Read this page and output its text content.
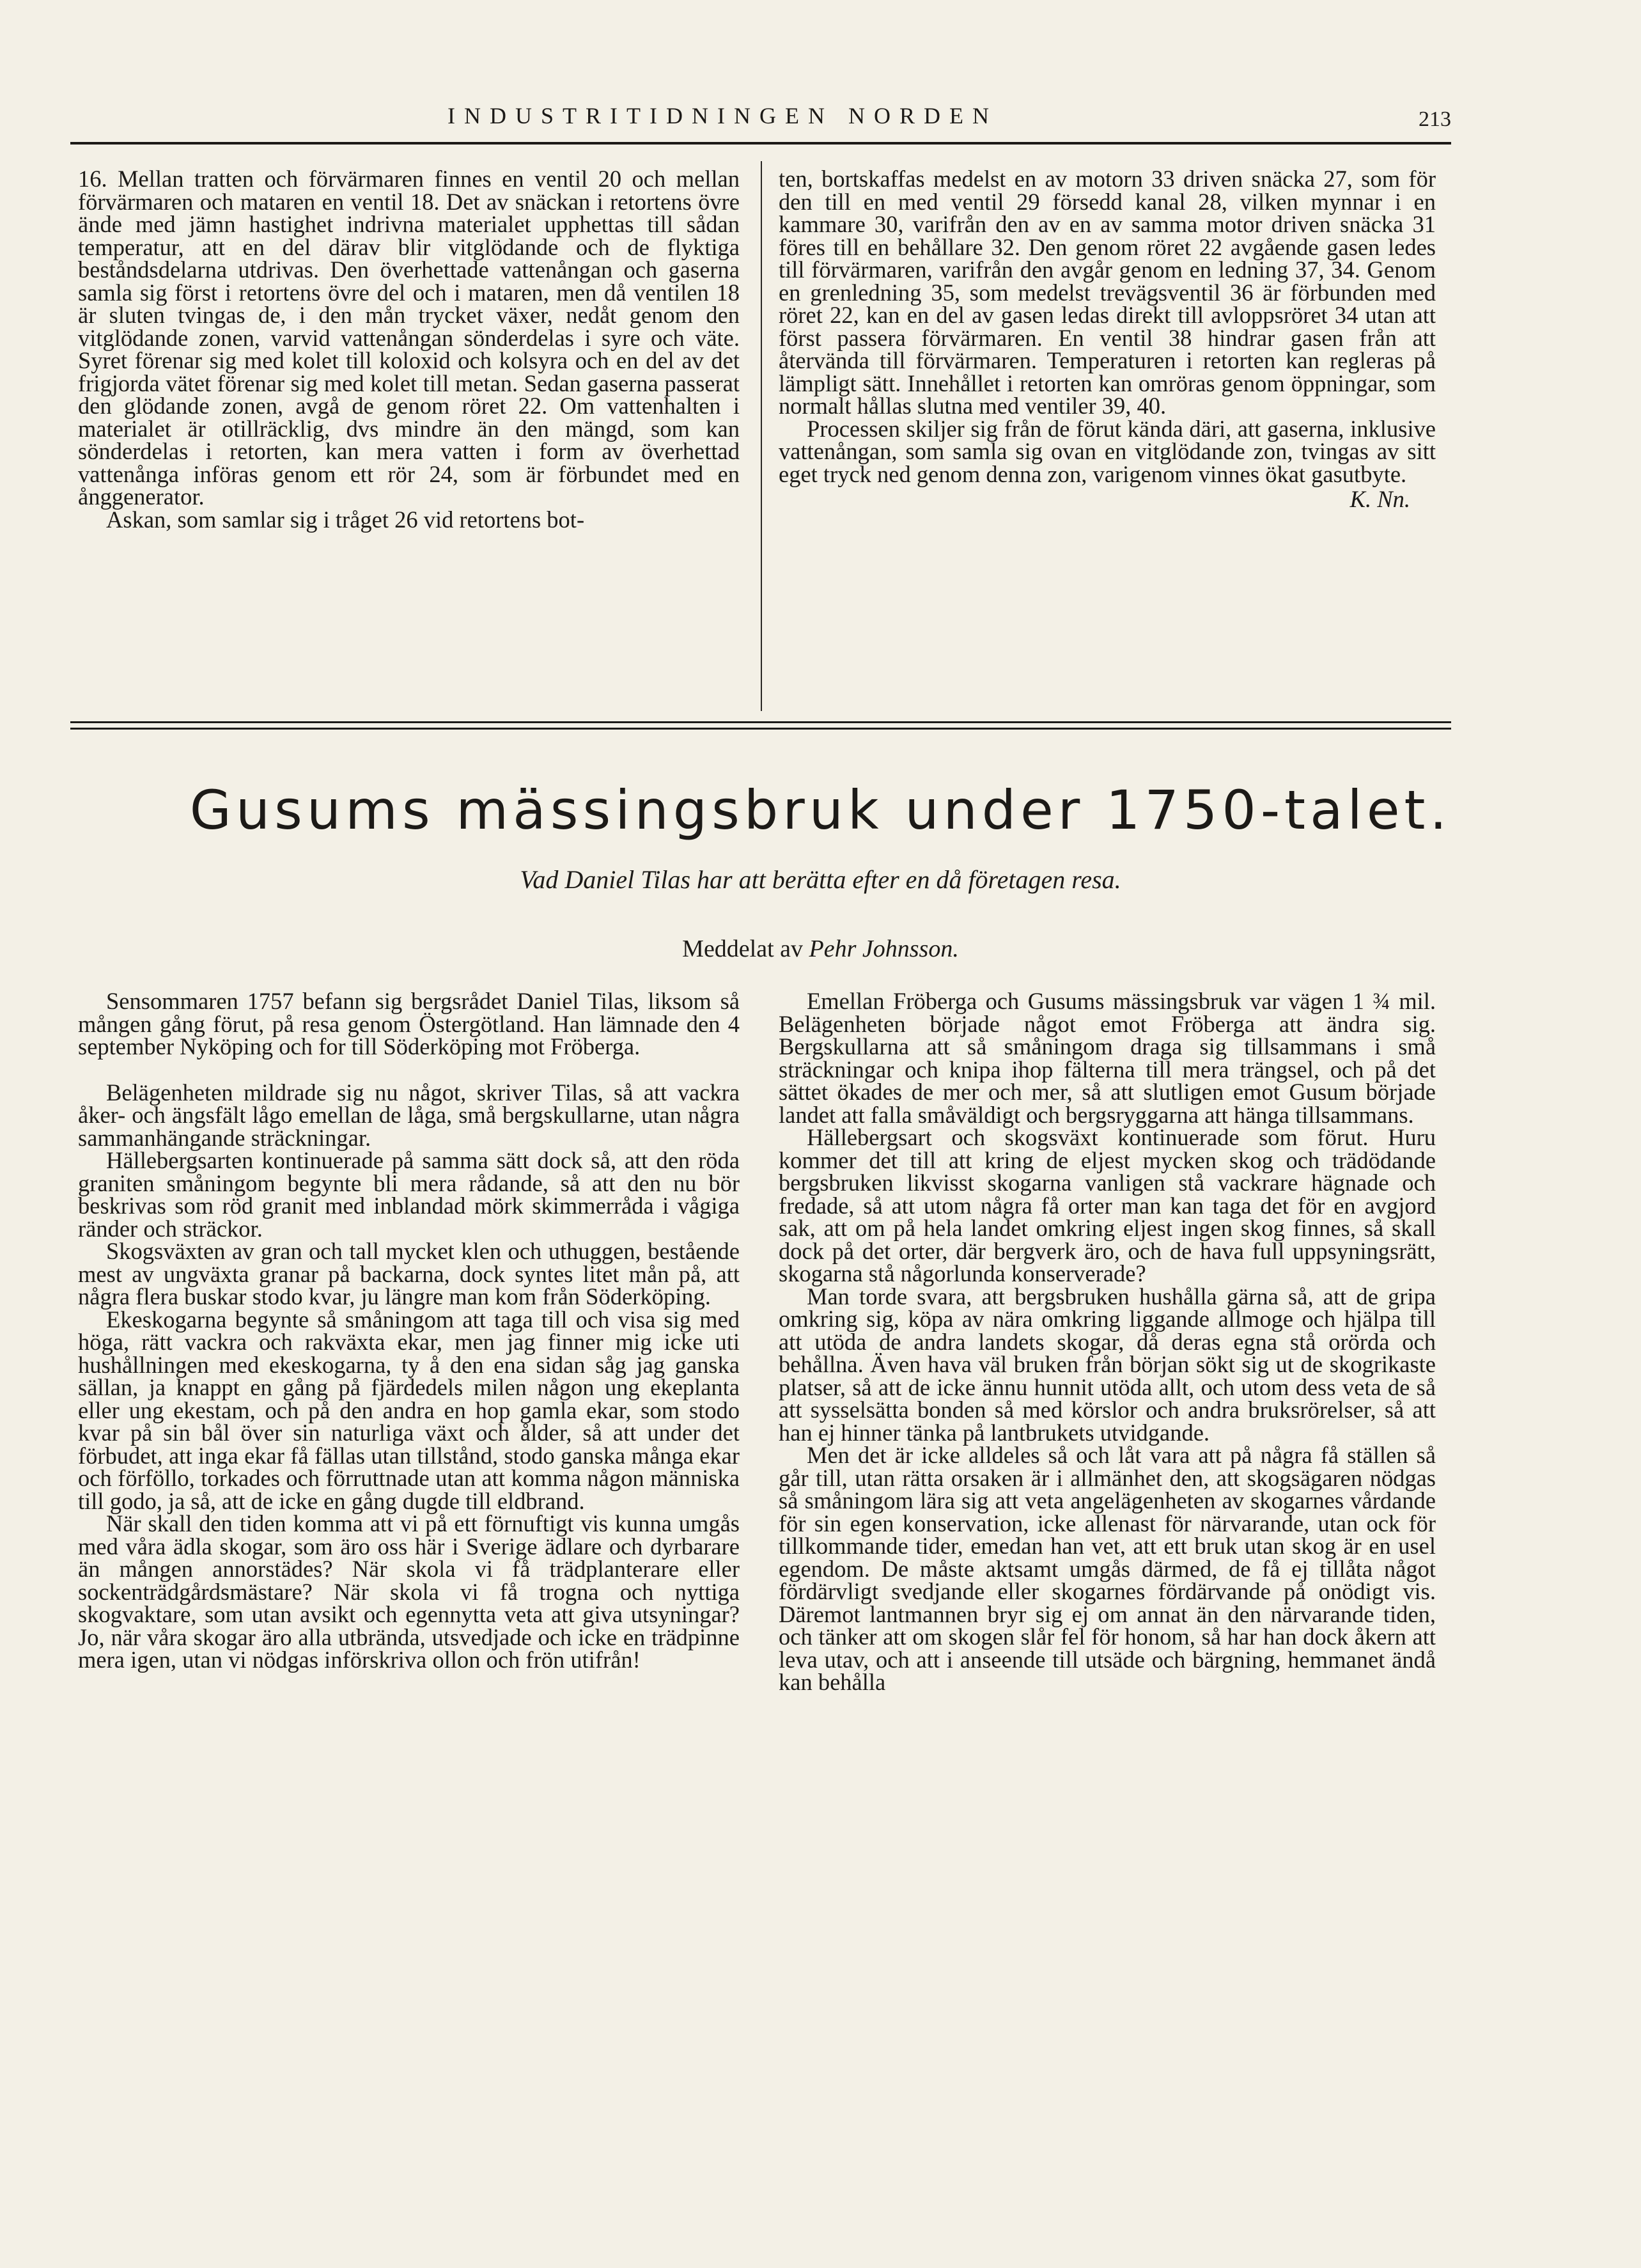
INDUSTRITIDNINGEN NORDEN	213

16. Mellan tratten och förvärmaren finnes en ventil 20 och mellan förvärmaren och mataren en ventil 18. Det av snäckan i retortens övre ände med jämn hastighet indrivna materialet upphettas till sådan temperatur, att en del därav blir vitglödande och de flyktiga beståndsdelarna utdrivas. Den överhettade vattenångan och gaserna samla sig först i retortens övre del och i mataren, men då ventilen 18 är sluten tvingas de, i den mån trycket växer, nedåt genom den vitglödande zonen, varvid vattenångan sönderdelas i syre och väte. Syret förenar sig med kolet till koloxid och kolsyra och en del av det frigjorda vätet förenar sig med kolet till metan. Sedan gaserna passerat den glödande zonen, avgå de genom röret 22. Om vattenhalten i materialet är otillräcklig, dvs mindre än den mängd, som kan sönderdelas i retorten, kan mera vatten i form av överhettad vattenånga införas genom ett rör 24, som är förbundet med en ånggenerator.

Askan, som samlar sig i tråget 26 vid retortens bot-

ten, bortskaffas medelst en av motorn 33 driven snäcka 27, som för den till en med ventil 29 försedd kanal 28, vilken mynnar i en kammare 30, varifrån den av en av samma motor driven snäcka 31 föres till en behållare 32. Den genom röret 22 avgående gasen ledes till förvärmaren, varifrån den avgår genom en ledning 37, 34. Genom en grenledning 35, som medelst trevägsventil 36 är förbunden med röret 22, kan en del av gasen ledas direkt till avloppsröret 34 utan att först passera förvärmaren. En ventil 38 hindrar gasen från att återvända till förvärmaren. Temperaturen i retorten kan regleras på lämpligt sätt. Innehållet i retorten kan omröras genom öppningar, som normalt hållas slutna med ventiler 39, 40.

Processen skiljer sig från de förut kända däri, att gaserna, inklusive vattenångan, som samla sig ovan en vitglödande zon, tvingas av sitt eget tryck ned genom denna zon, varigenom vinnes ökat gasutbyte.

K. Nn.

Gusums mässingsbruk under 1750-talet.
Vad Daniel Tilas har att berätta efter en då företagen resa.
Meddelat av Pehr Johnsson.

Sensommaren 1757 befann sig bergsrådet Daniel Tilas, liksom så mången gång förut, på resa genom Östergötland. Han lämnade den 4 september Nyköping och for till Söderköping mot Fröberga.

Belägenheten mildrade sig nu något, skriver Tilas, så att vackra åker- och ängsfält lågo emellan de låga, små bergskullarne, utan några sammanhängande sträckningar.

Hällebergsarten kontinuerade på samma sätt dock så, att den röda graniten småningom begynte bli mera rådande, så att den nu bör beskrivas som röd granit med inblandad mörk skimmerråda i vågiga ränder och sträckor.

Skogsväxten av gran och tall mycket klen och uthuggen, bestående mest av ungväxta granar på backarna, dock syntes litet mån på, att några flera buskar stodo kvar, ju längre man kom från Söderköping.

Ekeskogarna begynte så småningom att taga till och visa sig med höga, rätt vackra och rakväxta ekar, men jag finner mig icke uti hushållningen med ekeskogarna, ty å den ena sidan såg jag ganska sällan, ja knappt en gång på fjärdedels milen någon ung ekeplanta eller ung ekestam, och på den andra en hop gamla ekar, som stodo kvar på sin bål över sin naturliga växt och ålder, så att under det förbudet, att inga ekar få fällas utan tillstånd, stodo ganska många ekar och förföllo, torkades och förruttnade utan att komma någon människa till godo, ja så, att de icke en gång dugde till eldbrand.

När skall den tiden komma att vi på ett förnuftigt vis kunna umgås med våra ädla skogar, som äro oss här i Sverige ädlare och dyrbarare än mången annorstädes? När skola vi få trädplanterare eller sockenträdgårdsmästare? När skola vi få trogna och nyttiga skogvaktare, som utan avsikt och egennytta veta att giva utsyningar? Jo, när våra skogar äro alla utbrända, utsvedjade och icke en trädpinne mera igen, utan vi nödgas införskriva ollon och frön utifrån!

Emellan Fröberga och Gusums mässingsbruk var vägen 1 ¾ mil. Belägenheten började något emot Fröberga att ändra sig. Bergskullarna att så småningom draga sig tillsammans i små sträckningar och knipa ihop fälterna till mera trängsel, och på det sättet ökades de mer och mer, så att slutligen emot Gusum började landet att falla småväldigt och bergsryggarna att hänga tillsammans.

Hällebergsart och skogsväxt kontinuerade som förut. Huru kommer det till att kring de eljest mycken skog och trädödande bergsbruken likvisst skogarna vanligen stå vackrare hägnade och fredade, så att utom några få orter man kan taga det för en avgjord sak, att om på hela landet omkring eljest ingen skog finnes, så skall dock på det orter, där bergverk äro, och de hava full uppsyningsrätt, skogarna stå någorlunda konserverade?

Man torde svara, att bergsbruken hushålla gärna så, att de gripa omkring sig, köpa av nära omkring liggande allmoge och hjälpa till att utöda de andra landets skogar, då deras egna stå orörda och behållna. Även hava väl bruken från början sökt sig ut de skogrikaste platser, så att de icke ännu hunnit utöda allt, och utom dess veta de så att sysselsätta bonden så med körslor och andra bruksrörelser, så att han ej hinner tänka på lantbrukets utvidgande.

Men det är icke alldeles så och låt vara att på några få ställen så går till, utan rätta orsaken är i allmänhet den, att skogsägaren nödgas så småningom lära sig att veta angelägenheten av skogarnes vårdande för sin egen konservation, icke allenast för närvarande, utan ock för tillkommande tider, emedan han vet, att ett bruk utan skog är en usel egendom. De måste aktsamt umgås därmed, de få ej tillåta något fördärvligt svedjande eller skogarnes fördärvande på onödigt vis. Däremot lantmannen bryr sig ej om annat än den närvarande tiden, och tänker att om skogen slår fel för honom, så har han dock åkern att leva utav, och att i anseende till utsäde och bärgning, hemmanet ändå kan behålla
